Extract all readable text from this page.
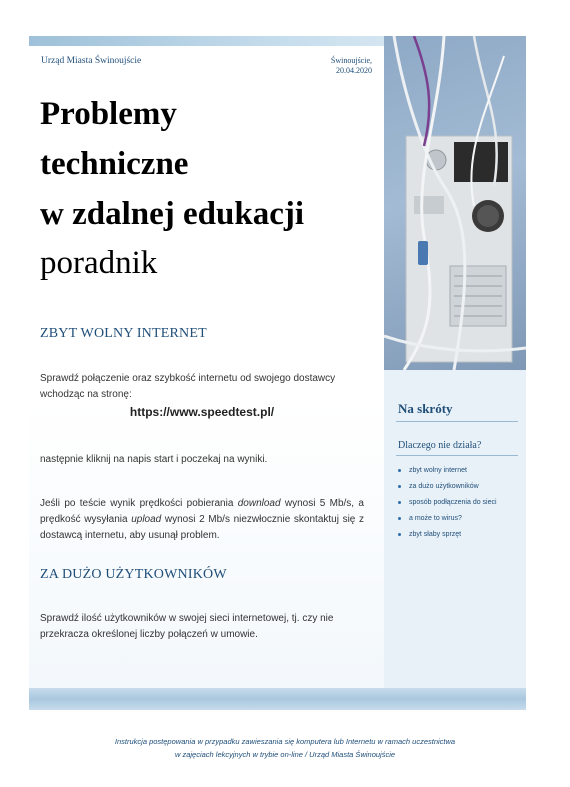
Urząd Miasta Świnoujście	Świnoujście,
20.04.2020
Problemy
techniczne
w zdalnej edukacji
poradnik
ZBYT WOLNY INTERNET
Sprawdź połączenie oraz szybkość internetu od swojego dostawcy wchodząc na stronę:
https://www.speedtest.pl/
następnie kliknij na napis start i poczekaj na wyniki.
Jeśli po teście wynik prędkości pobierania download wynosi 5 Mb/s, a prędkość wysyłania upload wynosi 2 Mb/s niezwłocznie skontaktuj się z dostawcą internetu, aby usunął problem.
ZA DUŻO UŻYTKOWNIKÓW
Sprawdź ilość użytkowników w swojej sieci internetowej, tj. czy nie przekracza określonej liczby połączeń w umowie.
Na skróty
Dlaczego nie działa?
zbyt wolny internet
za dużo użytkowników
sposób podłączenia do sieci
a może to wirus?
zbyt słaby sprzęt
Instrukcja postępowania w przypadku zawieszania się komputera lub Internetu w ramach uczestnictwa
w zajęciach lekcyjnych w trybie on-line / Urząd Miasta Świnoujście
